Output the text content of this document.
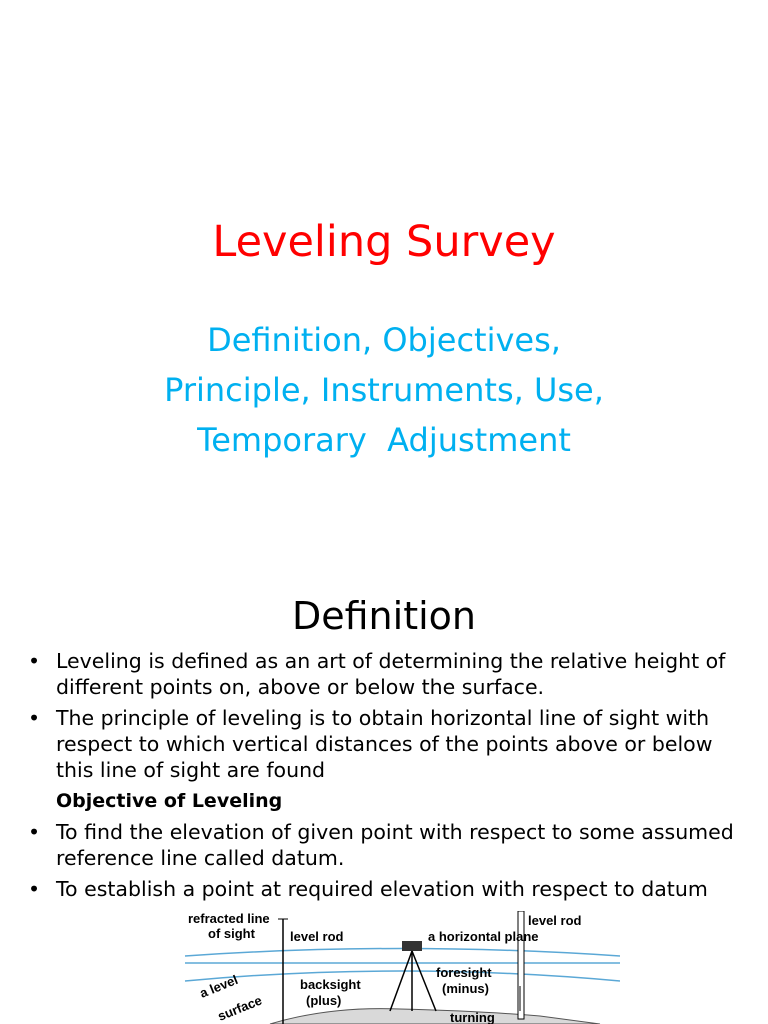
Leveling Survey
Definition, Objectives,
Principle, Instruments, Use,
Temporary  Adjustment
Definition
• Leveling is defined as an art of determining the relative height of different points on, above or below the surface.
• The principle of leveling is to obtain horizontal line of sight with respect to which vertical distances of the points above or below this line of sight are found
Objective of Leveling
• To find the elevation of given point with respect to some assumed reference line called datum.
• To establish a point at required elevation with respect to datum
refracted line
of sight	level rod
level rod
a horizontal plane
a level
surface
backsight
(plus)
foresight
(minus)
turning
